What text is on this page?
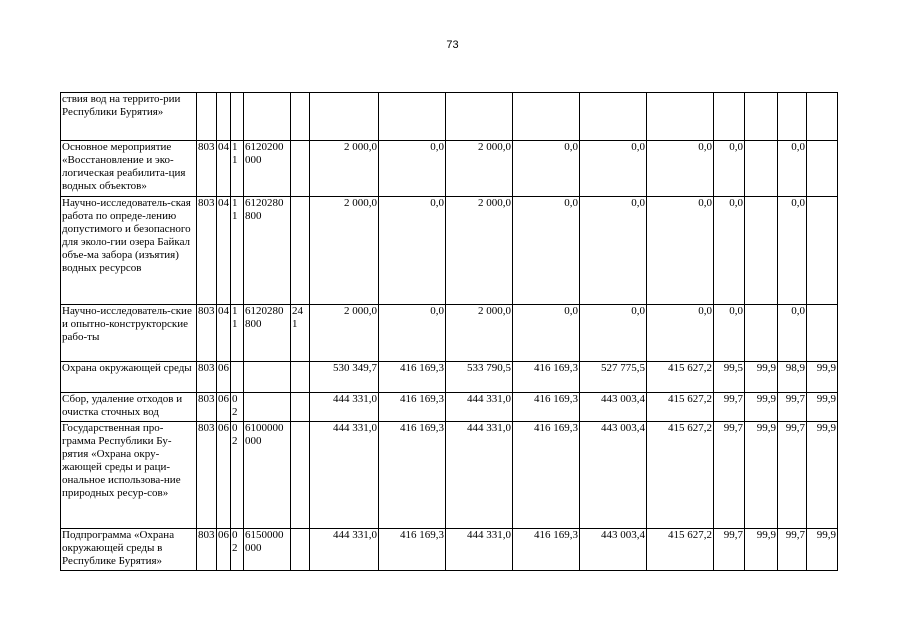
73
ствия вод на террито-рии Республики Бурятия»															
Основное мероприятие «Восстановление и эко-логическая реабилита-ция водных объектов»	803	04	11	6120200 000		2 000,0	0,0	2 000,0	0,0	0,0	0,0	0,0		0,0	
Научно-исследователь-ская работа по опреде-лению допустимого и безопасного для эколо-гии озера Байкал объе-ма забора (изъятия) водных ресурсов	803	04	11	6120280 800		2 000,0	0,0	2 000,0	0,0	0,0	0,0	0,0		0,0	
Научно-исследователь-ские и опытно-конструкторские рабо-ты	803	04	11	6120280 800	241	2 000,0	0,0	2 000,0	0,0	0,0	0,0	0,0		0,0	
Охрана окружающей среды	803	06				530 349,7	416 169,3	533 790,5	416 169,3	527 775,5	415 627,2	99,5	99,9	98,9	99,9
Сбор, удаление отходов и очистка сточных вод	803	06	02			444 331,0	416 169,3	444 331,0	416 169,3	443 003,4	415 627,2	99,7	99,9	99,7	99,9
Государственная про-грамма Республики Бу-рятия «Охрана окру-жающей среды и раци-ональное использова-ние природных ресур-сов»	803	06	02	6100000 000		444 331,0	416 169,3	444 331,0	416 169,3	443 003,4	415 627,2	99,7	99,9	99,7	99,9
Подпрограмма «Охрана окружающей среды в Республике Бурятия»	803	06	02	6150000 000		444 331,0	416 169,3	444 331,0	416 169,3	443 003,4	415 627,2	99,7	99,9	99,7	99,9
